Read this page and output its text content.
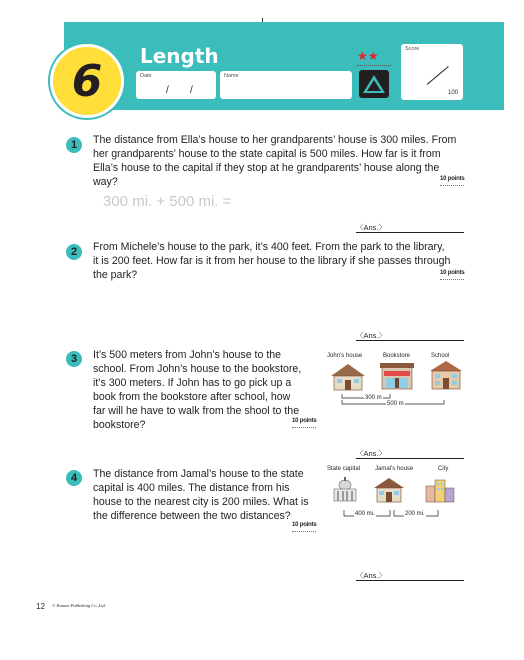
6 Length
Date
/ /
Name
★★	Score
100
1 The distance from Ella’s house to her grandparents’ house is 300 miles. From
her grandparents’ house to the state capital is 500 miles. How far is it from
Ella’s house to the capital if they stop at he grandparents’ house along the
way?	10 points
300 mi. + 500 mi. =
〈Ans.〉
2 From Michele’s house to the park, it’s 400 feet. From the park to the library,
it is 200 feet. How far is it from her house to the library if she passes through
the park?	10 points
〈Ans.〉
3 It’s 500 meters from John’s house to the
school. From John’s house to the bookstore,
it’s 300 meters. If John has to go pick up a
book from the bookstore after school, how
far will he have to walk from the shool to the
bookstore?	10 points
John’s house	Bookstore	School
300 m
500 m
〈Ans.〉
4 The distance from Jamal’s house to the state
capital is 400 miles. The distance from his
house to the nearest city is 200 miles. What is
the difference between the two distances?
10 points
State capital Jamal’s house	City
400 mi.	200 mi.
〈Ans.〉
12 © Kumon Publishing Co.,Ltd.
